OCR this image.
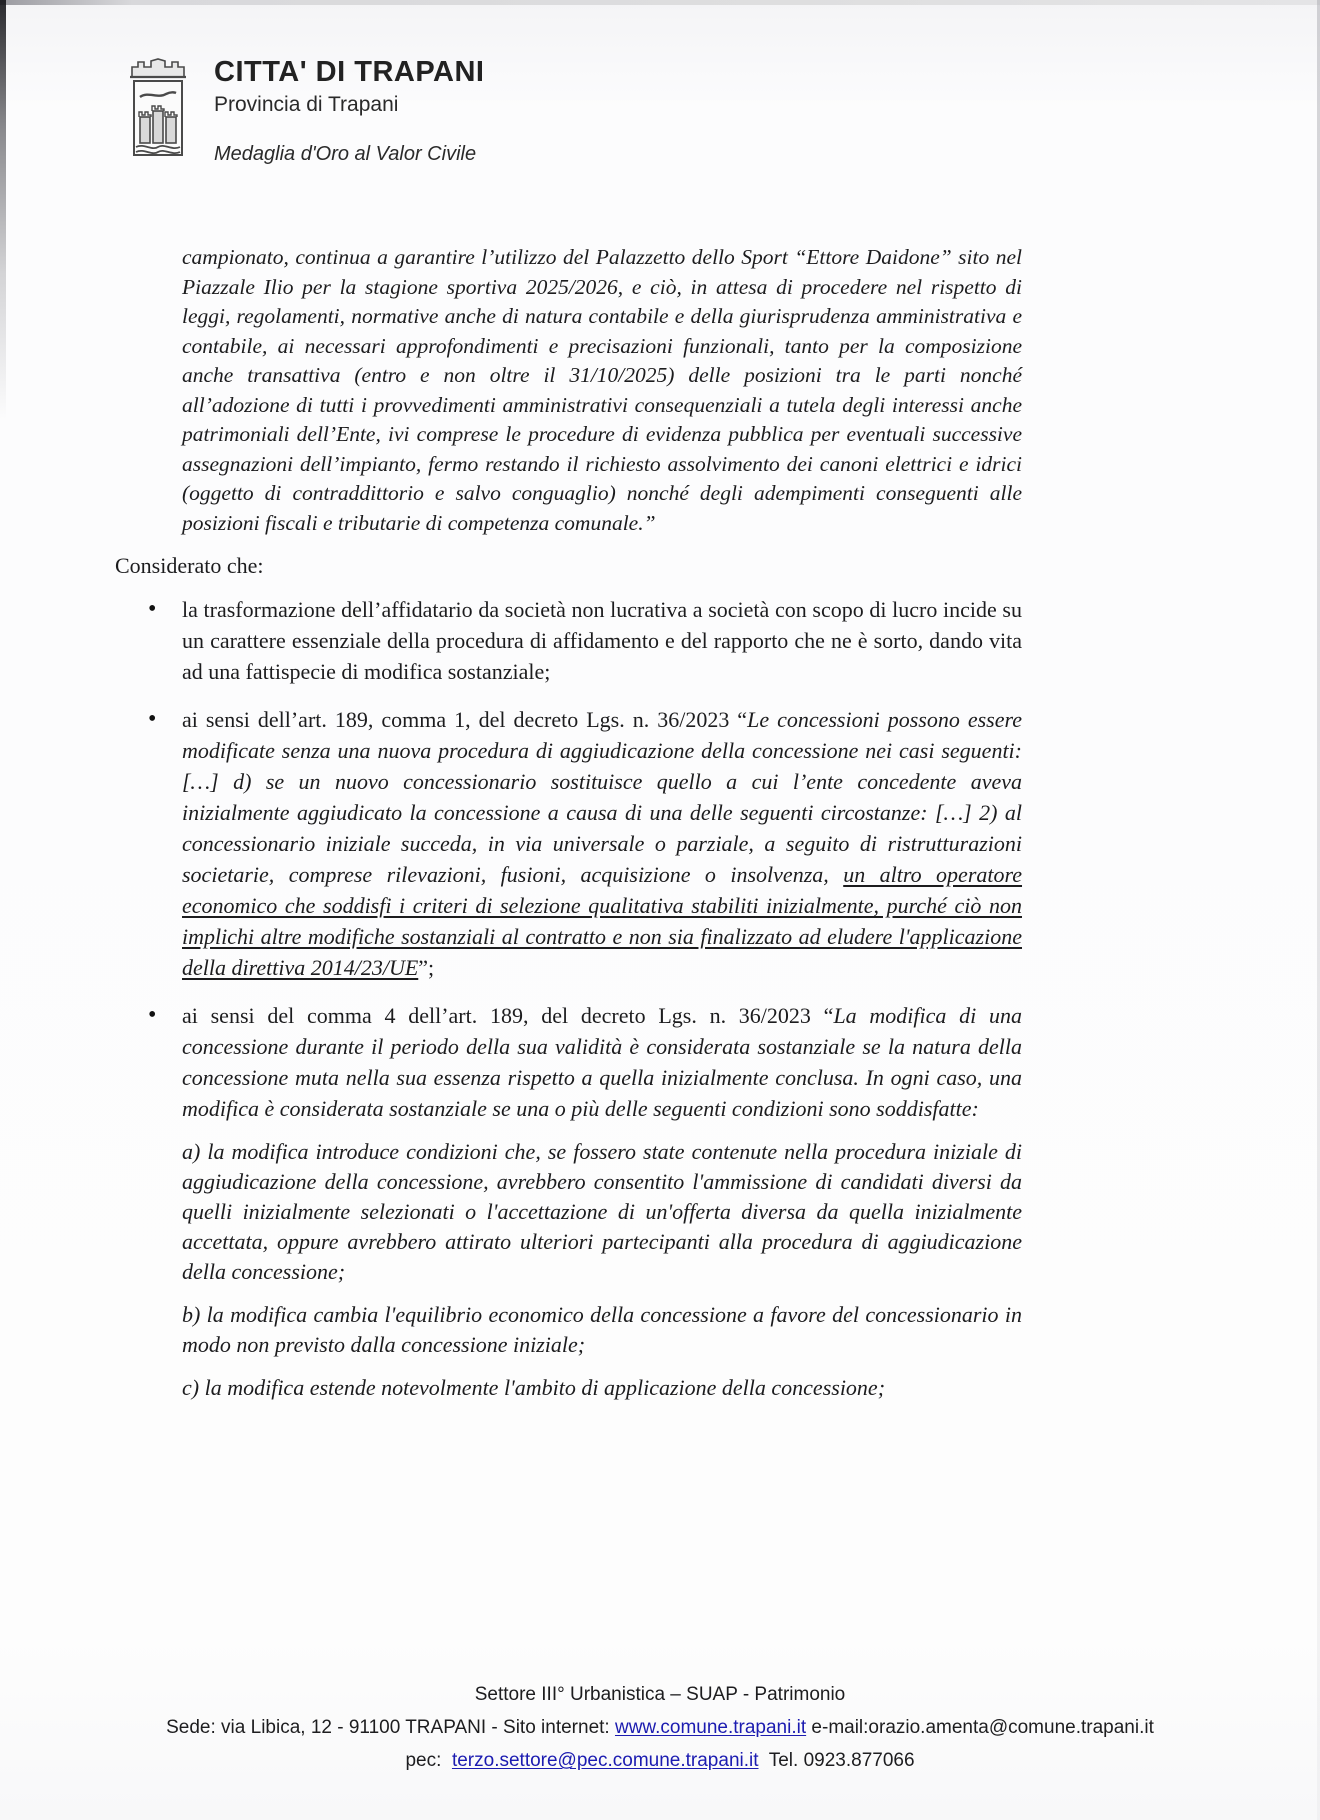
CITTA' DI TRAPANI
Provincia di Trapani
Medaglia d'Oro al Valor Civile
campionato, continua a garantire l’utilizzo del Palazzetto dello Sport “Ettore Daidone” sito nel Piazzale Ilio per la stagione sportiva 2025/2026, e ciò, in attesa di procedere nel rispetto di leggi, regolamenti, normative anche di natura contabile e della giurisprudenza amministrativa e contabile, ai necessari approfondimenti e precisazioni funzionali, tanto per la composizione anche transattiva (entro e non oltre il 31/10/2025) delle posizioni tra le parti nonché all’adozione di tutti i provvedimenti amministrativi consequenziali a tutela degli interessi anche patrimoniali dell’Ente, ivi comprese le procedure di evidenza pubblica per eventuali successive assegnazioni dell’impianto, fermo restando il richiesto assolvimento dei canoni elettrici e idrici (oggetto di contraddittorio e salvo conguaglio) nonché degli adempimenti conseguenti alle posizioni fiscali e tributarie di competenza comunale.”
Considerato che:
• la trasformazione dell’affidatario da società non lucrativa a società con scopo di lucro incide su un carattere essenziale della procedura di affidamento e del rapporto che ne è sorto, dando vita ad una fattispecie di modifica sostanziale;
• ai sensi dell’art. 189, comma 1, del decreto Lgs. n. 36/2023 “Le concessioni possono essere modificate senza una nuova procedura di aggiudicazione della concessione nei casi seguenti: […] d) se un nuovo concessionario sostituisce quello a cui l’ente concedente aveva inizialmente aggiudicato la concessione a causa di una delle seguenti circostanze: […] 2) al concessionario iniziale succeda, in via universale o parziale, a seguito di ristrutturazioni societarie, comprese rilevazioni, fusioni, acquisizione o insolvenza, un altro operatore economico che soddisfi i criteri di selezione qualitativa stabiliti inizialmente, purché ciò non implichi altre modifiche sostanziali al contratto e non sia finalizzato ad eludere l'applicazione della direttiva 2014/23/UE”;
• ai sensi del comma 4 dell’art. 189, del decreto Lgs. n. 36/2023 “La modifica di una concessione durante il periodo della sua validità è considerata sostanziale se la natura della concessione muta nella sua essenza rispetto a quella inizialmente conclusa. In ogni caso, una modifica è considerata sostanziale se una o più delle seguenti condizioni sono soddisfatte:
a) la modifica introduce condizioni che, se fossero state contenute nella procedura iniziale di aggiudicazione della concessione, avrebbero consentito l'ammissione di candidati diversi da quelli inizialmente selezionati o l'accettazione di un'offerta diversa da quella inizialmente accettata, oppure avrebbero attirato ulteriori partecipanti alla procedura di aggiudicazione della concessione;
b) la modifica cambia l'equilibrio economico della concessione a favore del concessionario in modo non previsto dalla concessione iniziale;
c) la modifica estende notevolmente l'ambito di applicazione della concessione;
Settore III° Urbanistica – SUAP - Patrimonio
Sede: via Libica, 12 - 91100 TRAPANI - Sito internet: www.comune.trapani.it e-mail:orazio.amenta@comune.trapani.it
pec:  terzo.settore@pec.comune.trapani.it  Tel. 0923.877066
